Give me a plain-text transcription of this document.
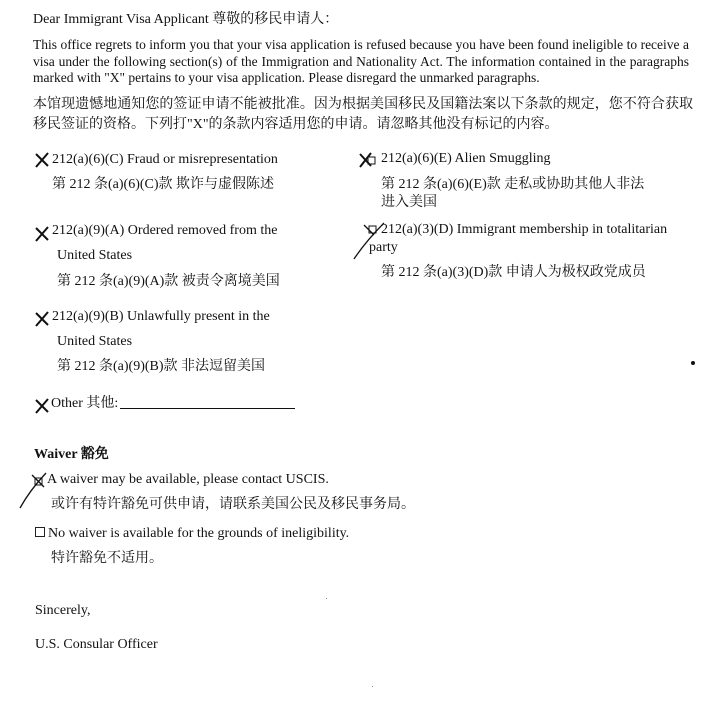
Dear Immigrant Visa Applicant 尊敬的移民申请人：
This office regrets to inform you that your visa application is refused because you have been found ineligible to receive a visa under the following section(s) of the Immigration and Nationality Act. The information contained in the paragraphs marked with "X" pertains to your visa application. Please disregard the unmarked paragraphs.
本馆现遗憾地通知您的签证申请不能被批准。因为根据美国移民及国籍法案以下条款的规定，您不符合获取移民签证的资格。下列打"X"的条款内容适用您的申请。请忽略其他没有标记的内容。
212(a)(6)(C) Fraud or misrepresentation
第 212 条(a)(6)(C)款 欺诈与虚假陈述
212(a)(9)(A) Ordered removed from the
United States
第 212 条(a)(9)(A)款 被责令离境美国
212(a)(9)(B) Unlawfully present in the
United States
第 212 条(a)(9)(B)款 非法逗留美国
Other 其他:
212(a)(6)(E) Alien Smuggling
第 212 条(a)(6)(E)款 走私或协助其他人非法
进入美国
212(a)(3)(D) Immigrant membership in totalitarian
party
第 212 条(a)(3)(D)款 申请人为极权政党成员
Waiver 豁免
A waiver may be available, please contact USCIS.
或许有特许豁免可供申请，请联系美国公民及移民事务局。
No waiver is available for the grounds of ineligibility.
特许豁免不适用。
Sincerely,
U.S. Consular Officer
